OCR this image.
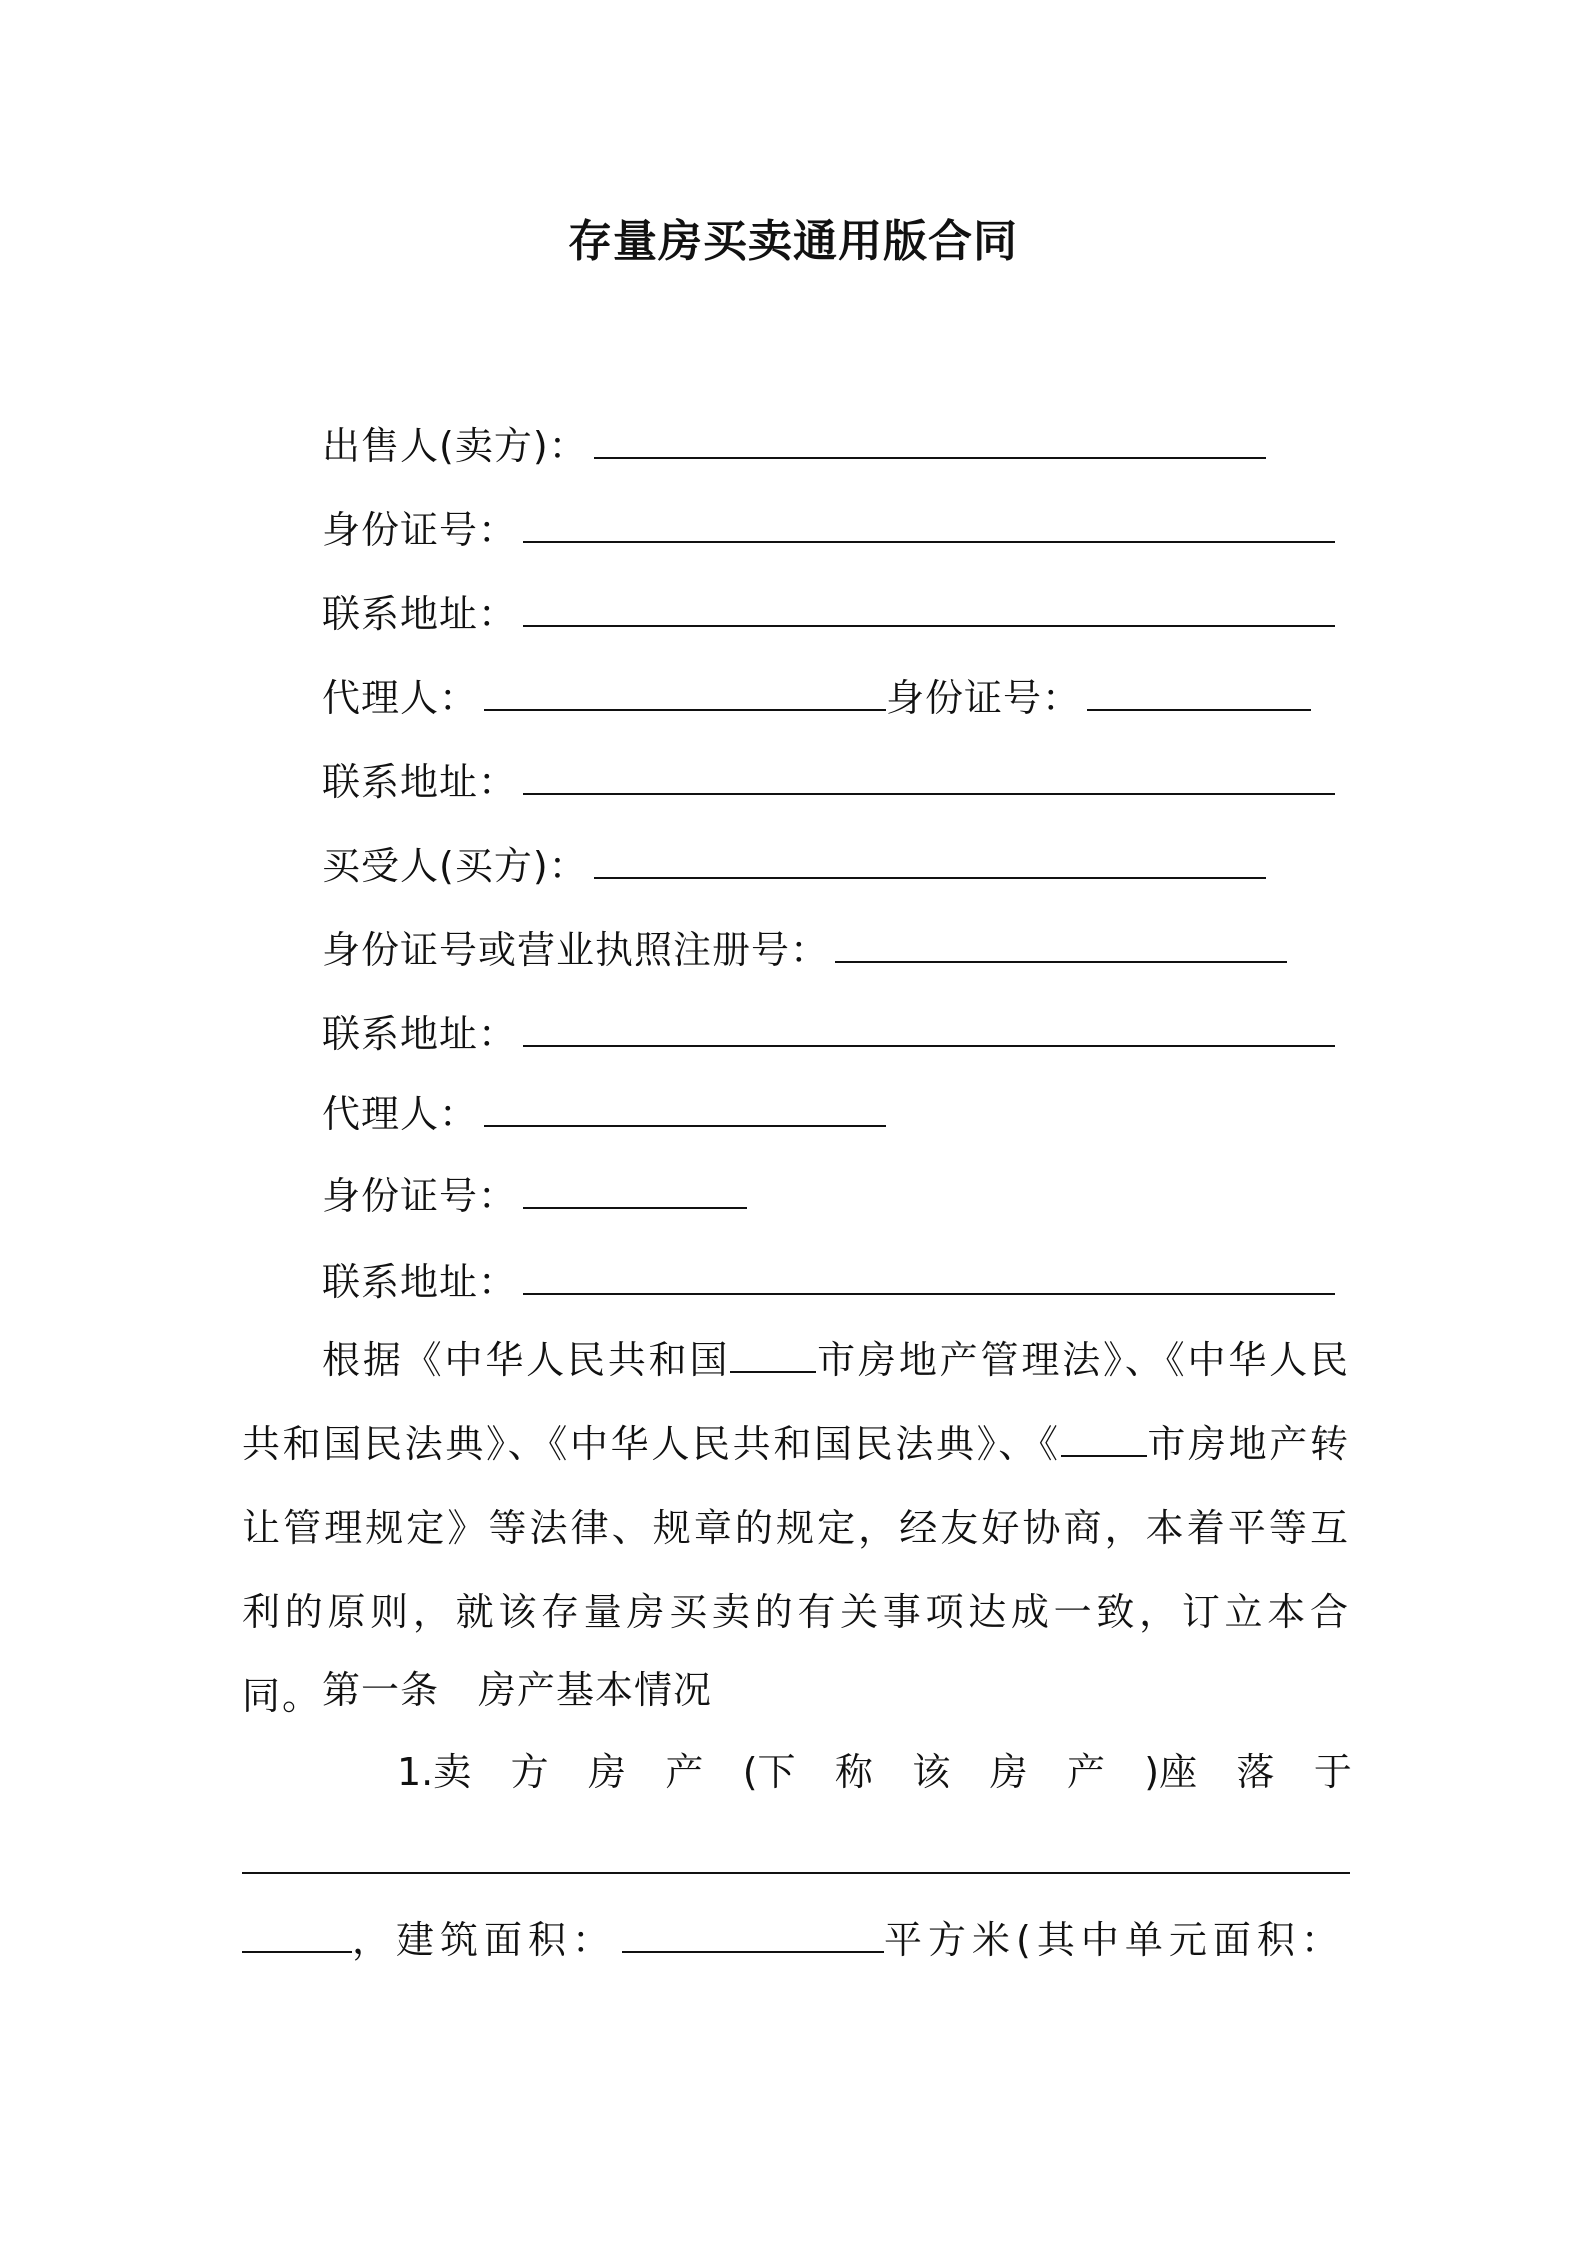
存量房买卖通用版合同
出售人(卖方)：
身份证号：
联系地址：
代理人：	身份证号：
联系地址：
买受人(买方)：
身份证号或营业执照注册号：
联系地址：
代理人：
身份证号：
联系地址：
根据《中华人民共和国 市房地产管理法》、《中华人民共和国民法典》、《中华人民共和国民法典》、《 市房地产转让管理规定》等法律、规章的规定，经友好协商，本着平等互利的原则，就该存量房买卖的有关事项达成一致，订立本合同。 第一条　房产基本情况
1.卖 方 房 产 (下 称 该 房 产 )座 落 于
，建筑面积：	平方米(其中单元面积：
